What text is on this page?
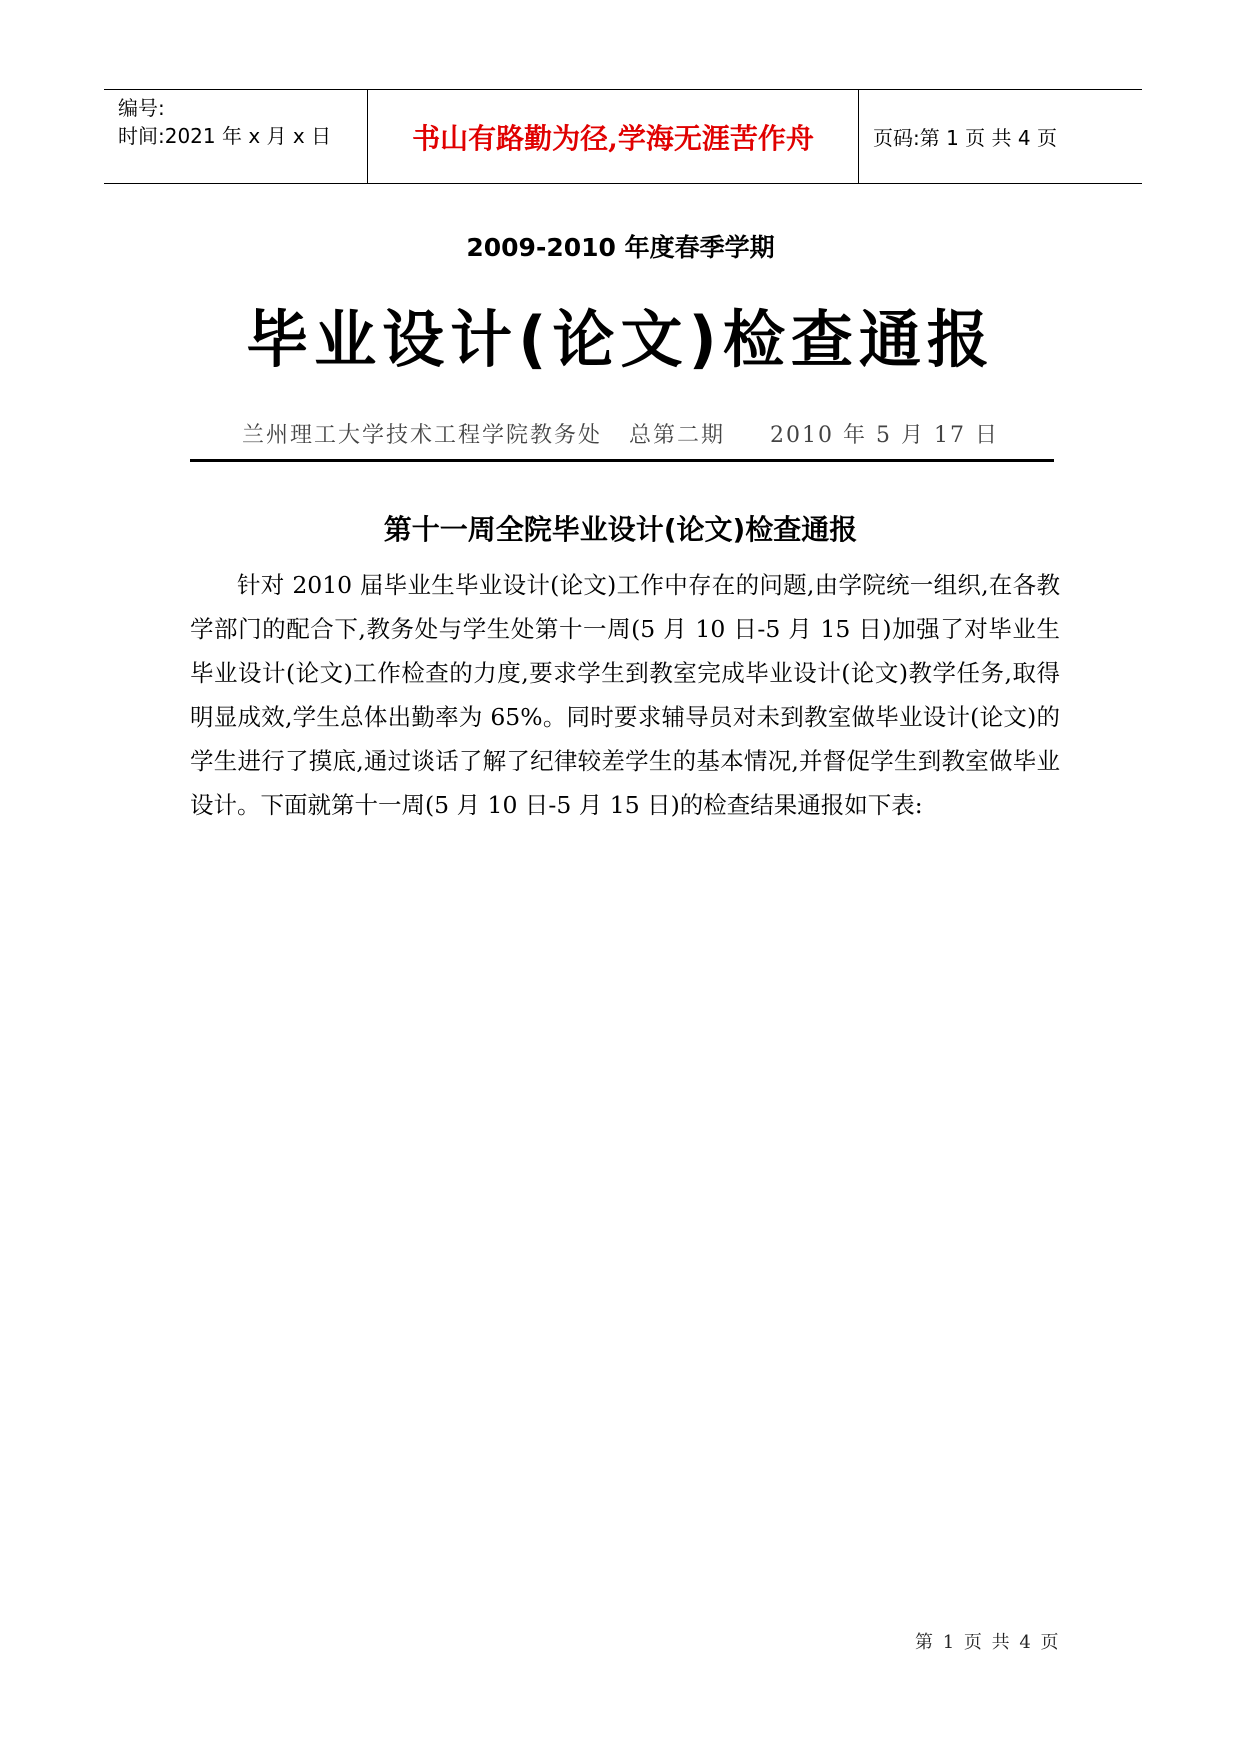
编号:
时间:2021 年 x 月 x 日	书山有路勤为径,学海无涯苦作舟	页码:第 1 页 共 4 页
2009-2010 年度春季学期
毕业设计(论文)检查通报
兰州理工大学技术工程学院教务处   总第二期     2010 年 5 月 17 日
第十一周全院毕业设计(论文)检查通报
针对 2010 届毕业生毕业设计(论文)工作中存在的问题,由学院统一组织,在各教学部门的配合下,教务处与学生处第十一周(5 月 10 日-5 月 15 日)加强了对毕业生毕业设计(论文)工作检查的力度,要求学生到教室完成毕业设计(论文)教学任务,取得明显成效,学生总体出勤率为 65%。同时要求辅导员对未到教室做毕业设计(论文)的学生进行了摸底,通过谈话了解了纪律较差学生的基本情况,并督促学生到教室做毕业设计。下面就第十一周(5 月 10 日-5 月 15 日)的检查结果通报如下表:
第 1 页 共 4 页
